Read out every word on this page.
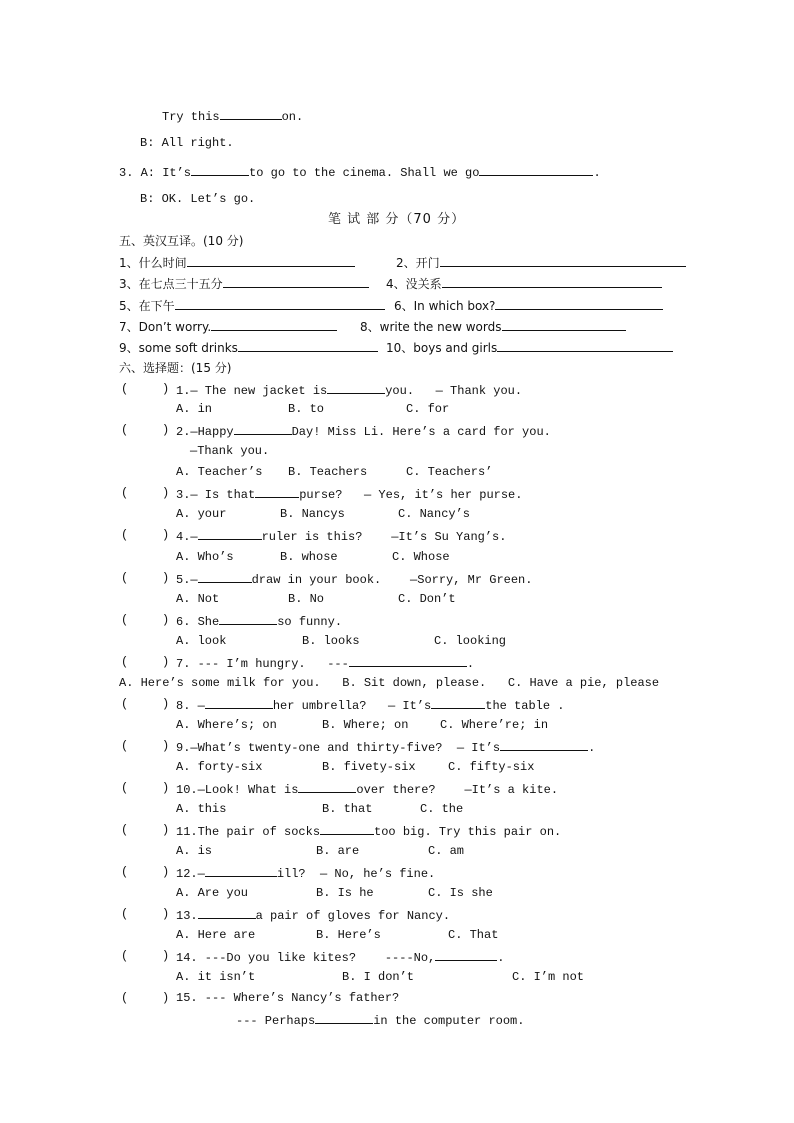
Try this	on.
B: All right.
3. A: It’s	to go to the cinema. Shall we go	.
B: OK. Let’s go.
笔 试 部 分（70 分）
五、英汉互译。(10 分)
1、什么时间	2、开门
3、在七点三十五分	4、没关系
5、在下午	6、In which box?
7、Don’t worry.	8、write the new words
9、some soft drinks	10、boys and girls
六、选择题：(15 分)
(	) 1.— The new jacket is	you.   — Thank you.
A. in	B. to	C. for
(	) 2.—Happy	Day! Miss Li. Here’s a card for you.
—Thank you.
A. Teacher’s B. Teachers	C. Teachers’
(	) 3.— Is that	purse?   — Yes, it’s her purse.
A. your	B. Nancys	C. Nancy’s
(	) 4.—	ruler is this?    —It’s Su Yang’s.
A. Who’s	B. whose	C. Whose
(	) 5.—	draw in your book.    —Sorry, Mr Green.
A. Not	B. No	C. Don’t
(	) 6. She	so funny.
A. look	B. looks	C. looking
(	) 7. --- I’m hungry.   ---	.
A. Here’s some milk for you.   B. Sit down, please.   C. Have a pie, please
(	) 8. —	her umbrella?   — It’s	the table .
A. Where’s; on	B. Where; on	C. Where’re; in
(	) 9.—What’s twenty-one and thirty-five?  — It’s	.
A. forty-six	B. fivety-six	C. fifty-six
(	) 10.—Look! What is	over there?    —It’s a kite.
A. this	B. that	C. the
(	) 11.The pair of socks	too big. Try this pair on.
A. is	B. are	C. am
(	) 12.—	ill?  — No, he’s fine.
A. Are you	B. Is he	C. Is she
(	) 13.	a pair of gloves for Nancy.
A. Here are	B. Here’s	C. That
(	) 14. ---Do you like kites?    ----No,	.
A. it isn’t	B. I don’t	C. I’m not
(	) 15. --- Where’s Nancy’s father?
--- Perhaps	in the computer room.
